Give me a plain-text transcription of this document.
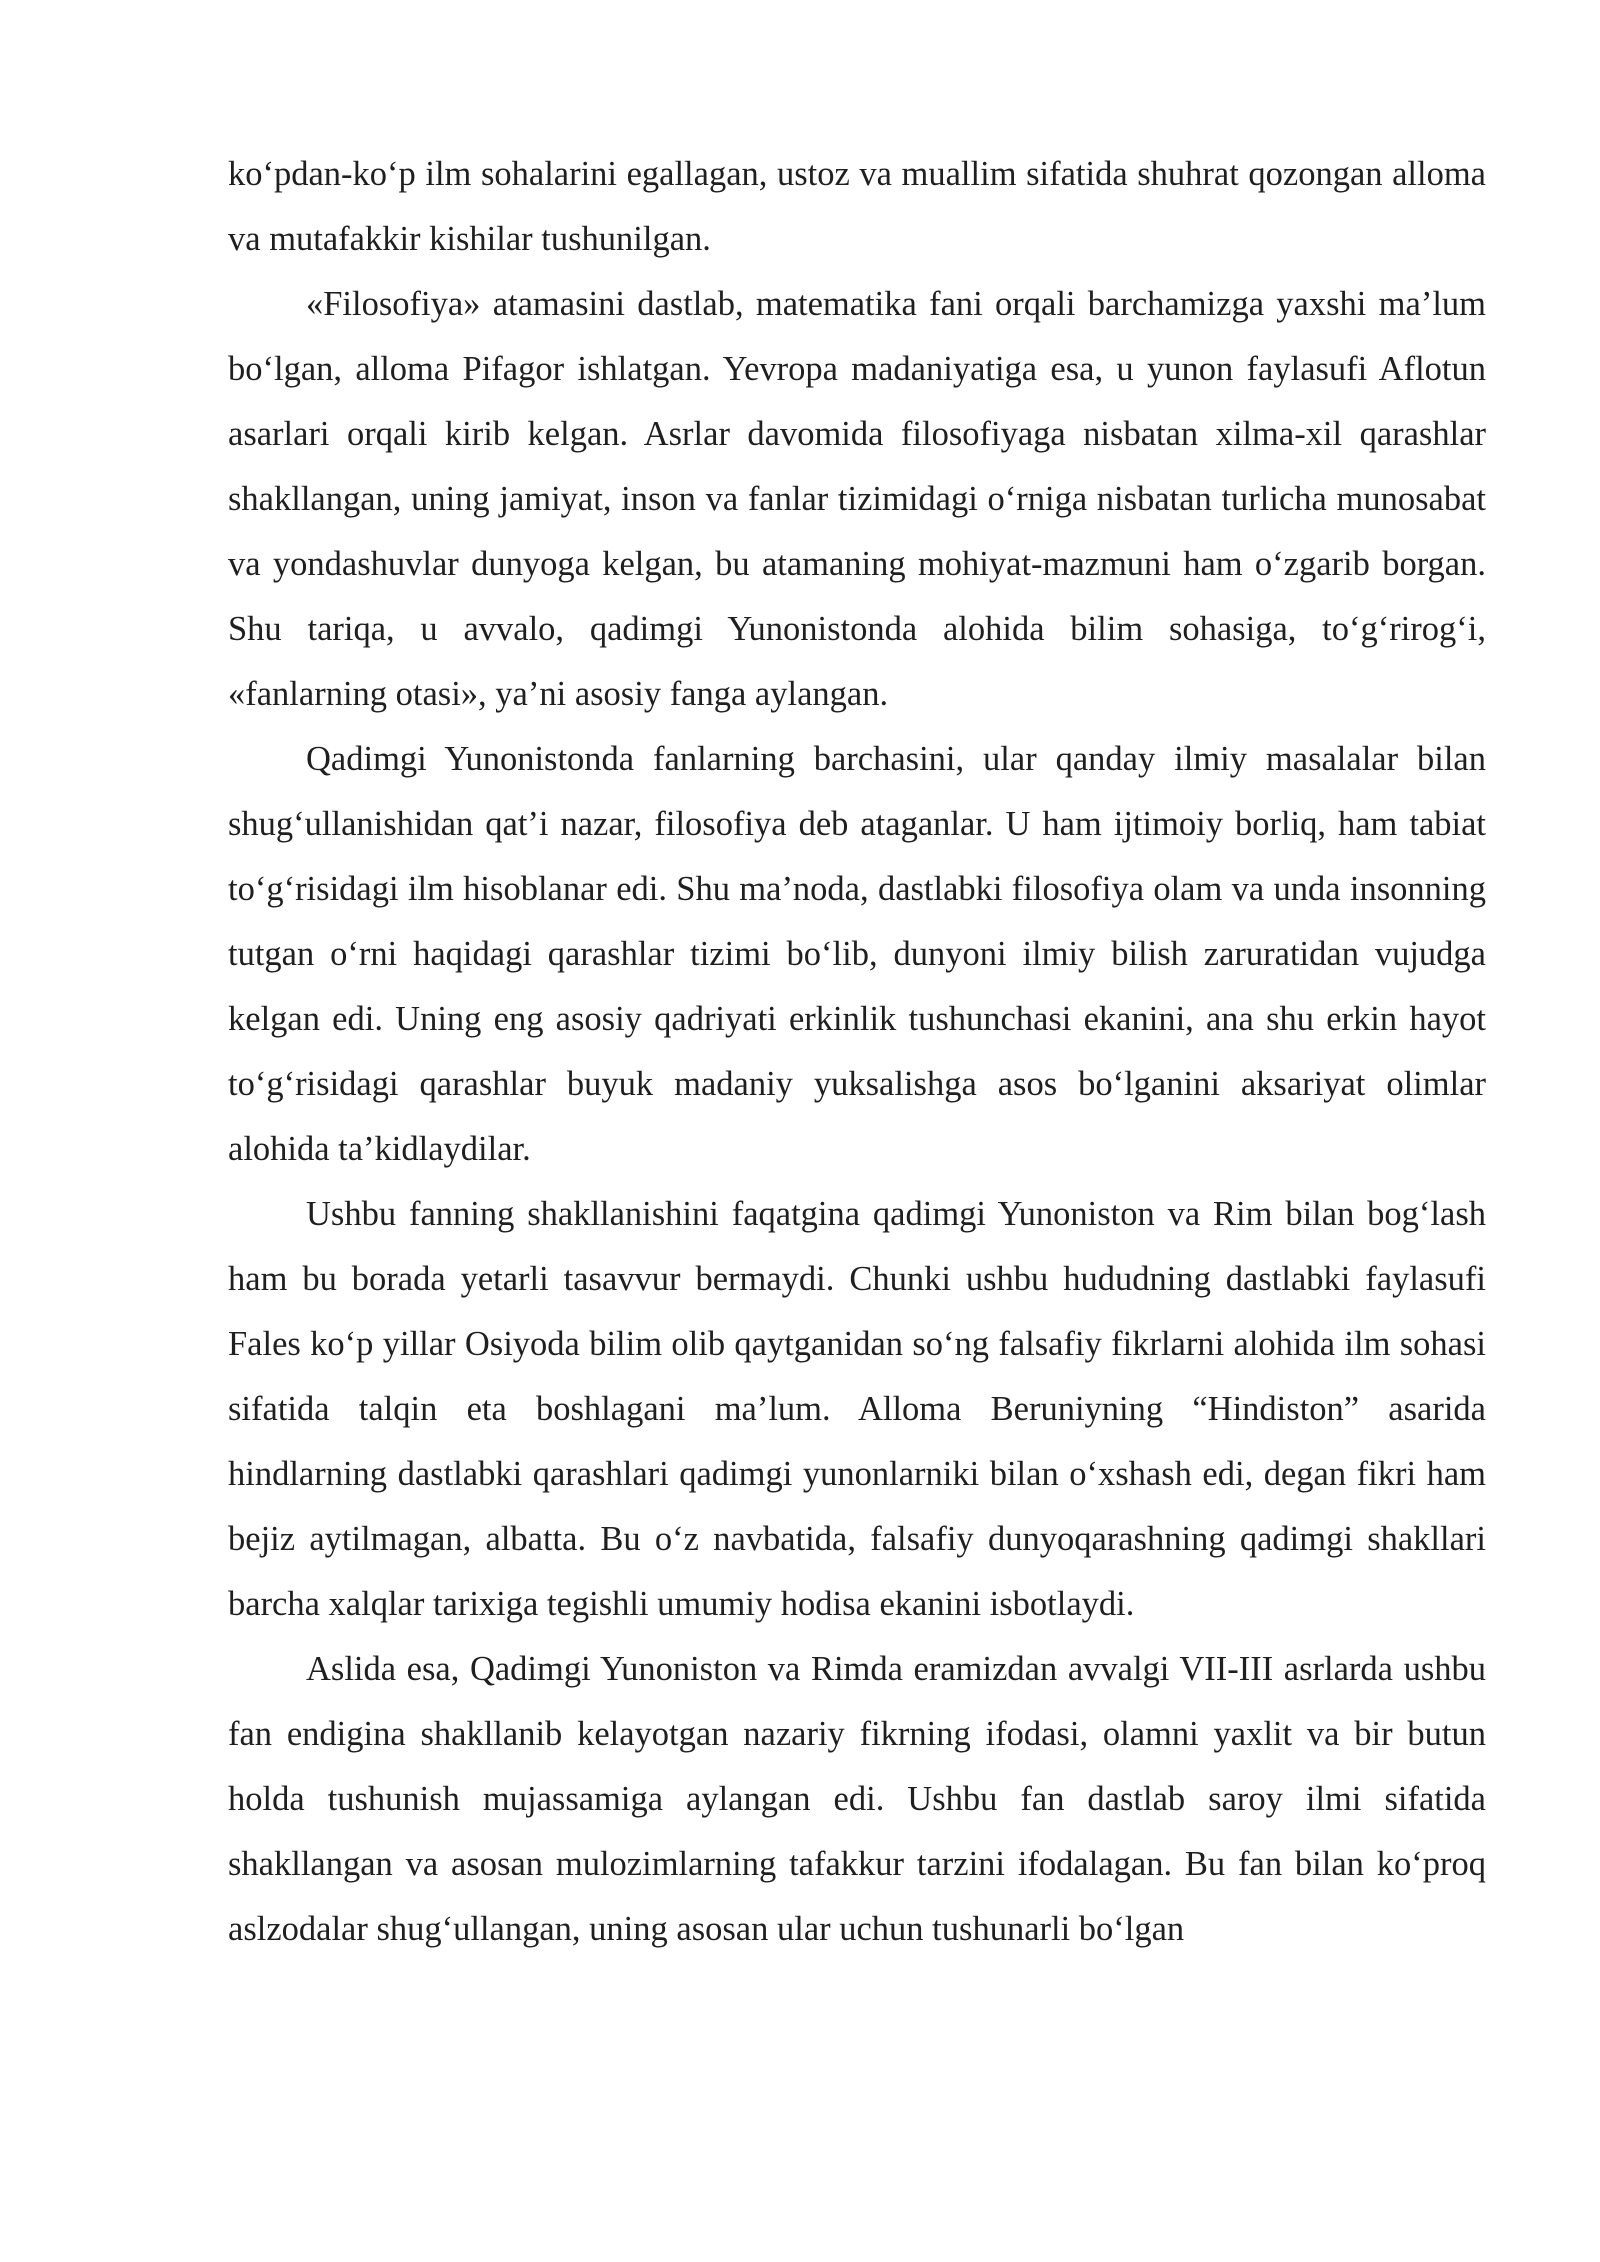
ko‘pdan-ko‘p ilm sohalarini egallagan, ustoz va muallim sifatida shuhrat qozongan alloma va mutafakkir kishilar tushunilgan.

«Filosofiya» atamasini dastlab, matematika fani orqali barchamizga yaxshi ma’lum bo‘lgan, alloma Pifagor ishlatgan. Yevropa madaniyatiga esa, u yunon faylasufi Aflotun asarlari orqali kirib kelgan. Asrlar davomida filosofiyaga nisbatan xilma-xil qarashlar shakllangan, uning jamiyat, inson va fanlar tizimidagi o‘rniga nisbatan turlicha munosabat va yondashuvlar dunyoga kelgan, bu atamaning mohiyat-mazmuni ham o‘zgarib borgan. Shu tariqa, u avvalo, qadimgi Yunonistonda alohida bilim sohasiga, to‘g‘rirog‘i, «fanlarning otasi», ya’ni asosiy fanga aylangan.

Qadimgi Yunonistonda fanlarning barchasini, ular qanday ilmiy masalalar bilan shug‘ullanishidan qat’i nazar, filosofiya deb ataganlar. U ham ijtimoiy borliq, ham tabiat to‘g‘risidagi ilm hisoblanar edi. Shu ma’noda, dastlabki filosofiya olam va unda insonning tutgan o‘rni haqidagi qarashlar tizimi bo‘lib, dunyoni ilmiy bilish zaruratidan vujudga kelgan edi. Uning eng asosiy qadriyati erkinlik tushunchasi ekanini, ana shu erkin hayot to‘g‘risidagi qarashlar buyuk madaniy yuksalishga asos bo‘lganini aksariyat olimlar alohida ta’kidlaydilar.

Ushbu fanning shakllanishini faqatgina qadimgi Yunoniston va Rim bilan bog‘lash ham bu borada yetarli tasavvur bermaydi. Chunki ushbu hududning dastlabki faylasufi Fales ko‘p yillar Osiyoda bilim olib qaytganidan so‘ng falsafiy fikrlarni alohida ilm sohasi sifatida talqin eta boshlagani ma’lum. Alloma Beruniyning “Hindiston” asarida hindlarning dastlabki qarashlari qadimgi yunonlarniki bilan o‘xshash edi, degan fikri ham bejiz aytilmagan, albatta. Bu o‘z navbatida, falsafiy dunyoqarashning qadimgi shakllari barcha xalqlar tarixiga tegishli umumiy hodisa ekanini isbotlaydi.

Aslida esa, Qadimgi Yunoniston va Rimda eramizdan avvalgi VII-III asrlarda ushbu fan endigina shakllanib kelayotgan nazariy fikrning ifodasi, olamni yaxlit va bir butun holda tushunish mujassamiga aylangan edi. Ushbu fan dastlab saroy ilmi sifatida shakllangan va asosan mulozimlarning tafakkur tarzini ifodalagan. Bu fan bilan ko‘proq aslzodalar shug‘ullangan, uning asosan ular uchun tushunarli bo‘lgan
